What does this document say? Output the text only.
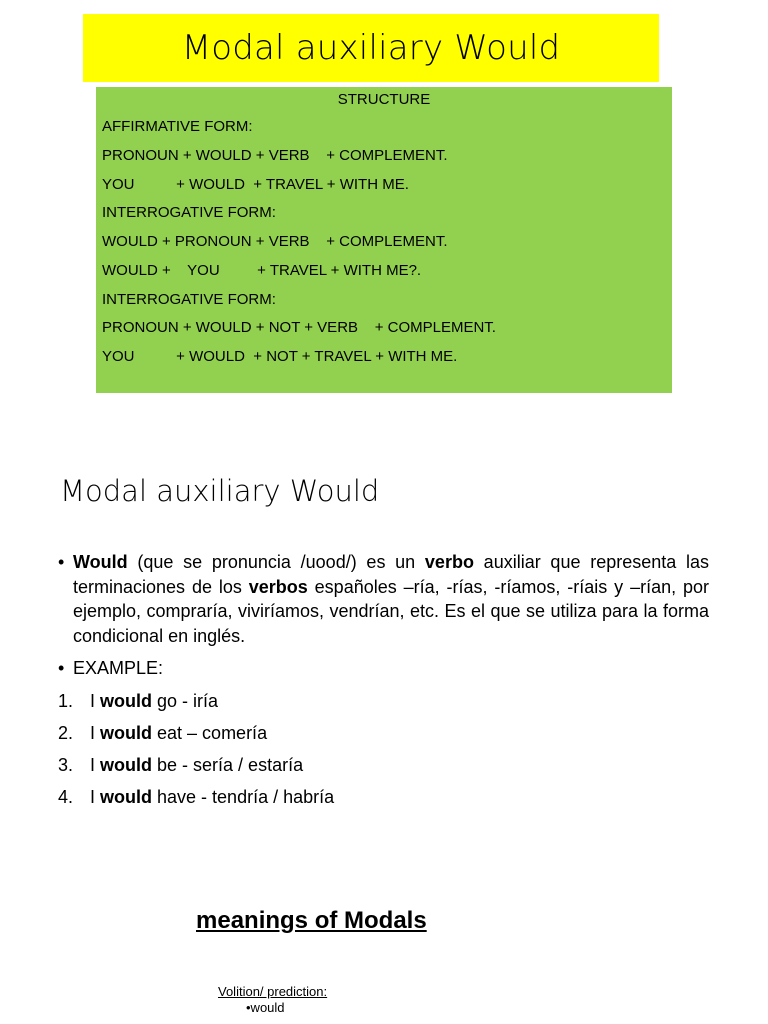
Modal auxiliary Would
STRUCTURE
AFFIRMATIVE FORM:
PRONOUN + WOULD + VERB    + COMPLEMENT.
YOU          + WOULD  + TRAVEL + WITH ME.
INTERROGATIVE FORM:
WOULD + PRONOUN + VERB    + COMPLEMENT.
WOULD +    YOU         + TRAVEL + WITH ME?.
INTERROGATIVE FORM:
PRONOUN + WOULD + NOT + VERB    + COMPLEMENT.
YOU          + WOULD  + NOT + TRAVEL + WITH ME.
Modal auxiliary Would
• Would (que se pronuncia /uood/) es un verbo auxiliar que representa las terminaciones de los verbos españoles –ría, -rías, -ríamos, -ríais y –rían, por ejemplo, compraría, viviríamos, vendrían, etc. Es el que se utiliza para la forma condicional en inglés.
• EXAMPLE:
1. I would go - iría
2. I would eat – comería
3. I would be - sería / estaría
4. I would have - tendría / habría
meanings of Modals
Volition/ prediction:
•would
